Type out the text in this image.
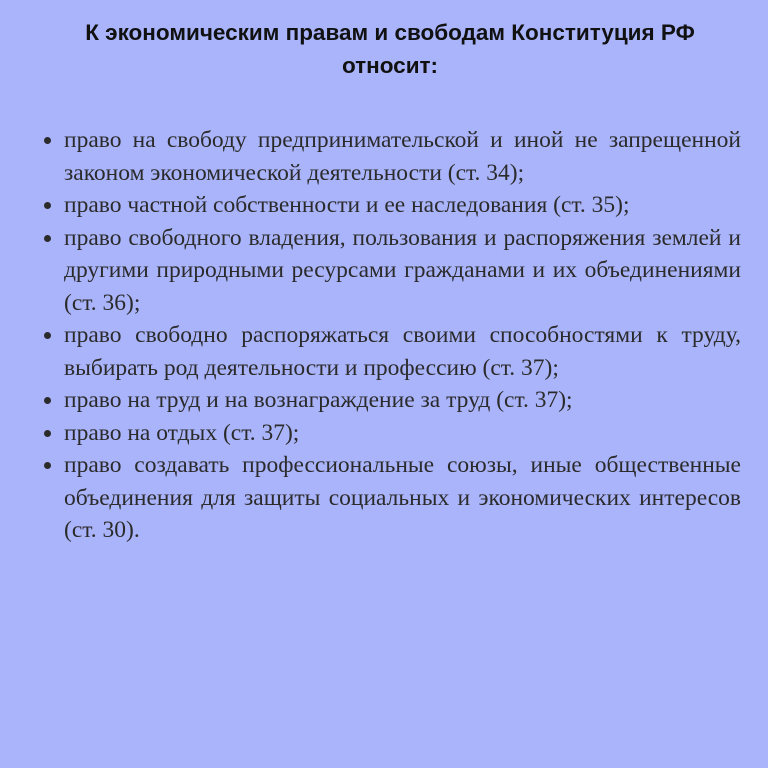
К экономическим правам и свободам Конституция РФ относит:
право на свободу предпринимательской и иной не запрещенной законом экономической деятельности (ст. 34);
право частной собственности и ее наследования (ст. 35);
право свободного владения, пользования и распоряжения землей и другими природными ресурсами гражданами и их объединениями (ст. 36);
право свободно распоряжаться своими способностями к труду, выбирать род деятельности и профессию (ст. 37);
право на труд и на вознаграждение за труд (ст. 37);
право на отдых (ст. 37);
право создавать профессиональные союзы, иные общественные объединения для защиты социальных и экономических интересов (ст. 30).
